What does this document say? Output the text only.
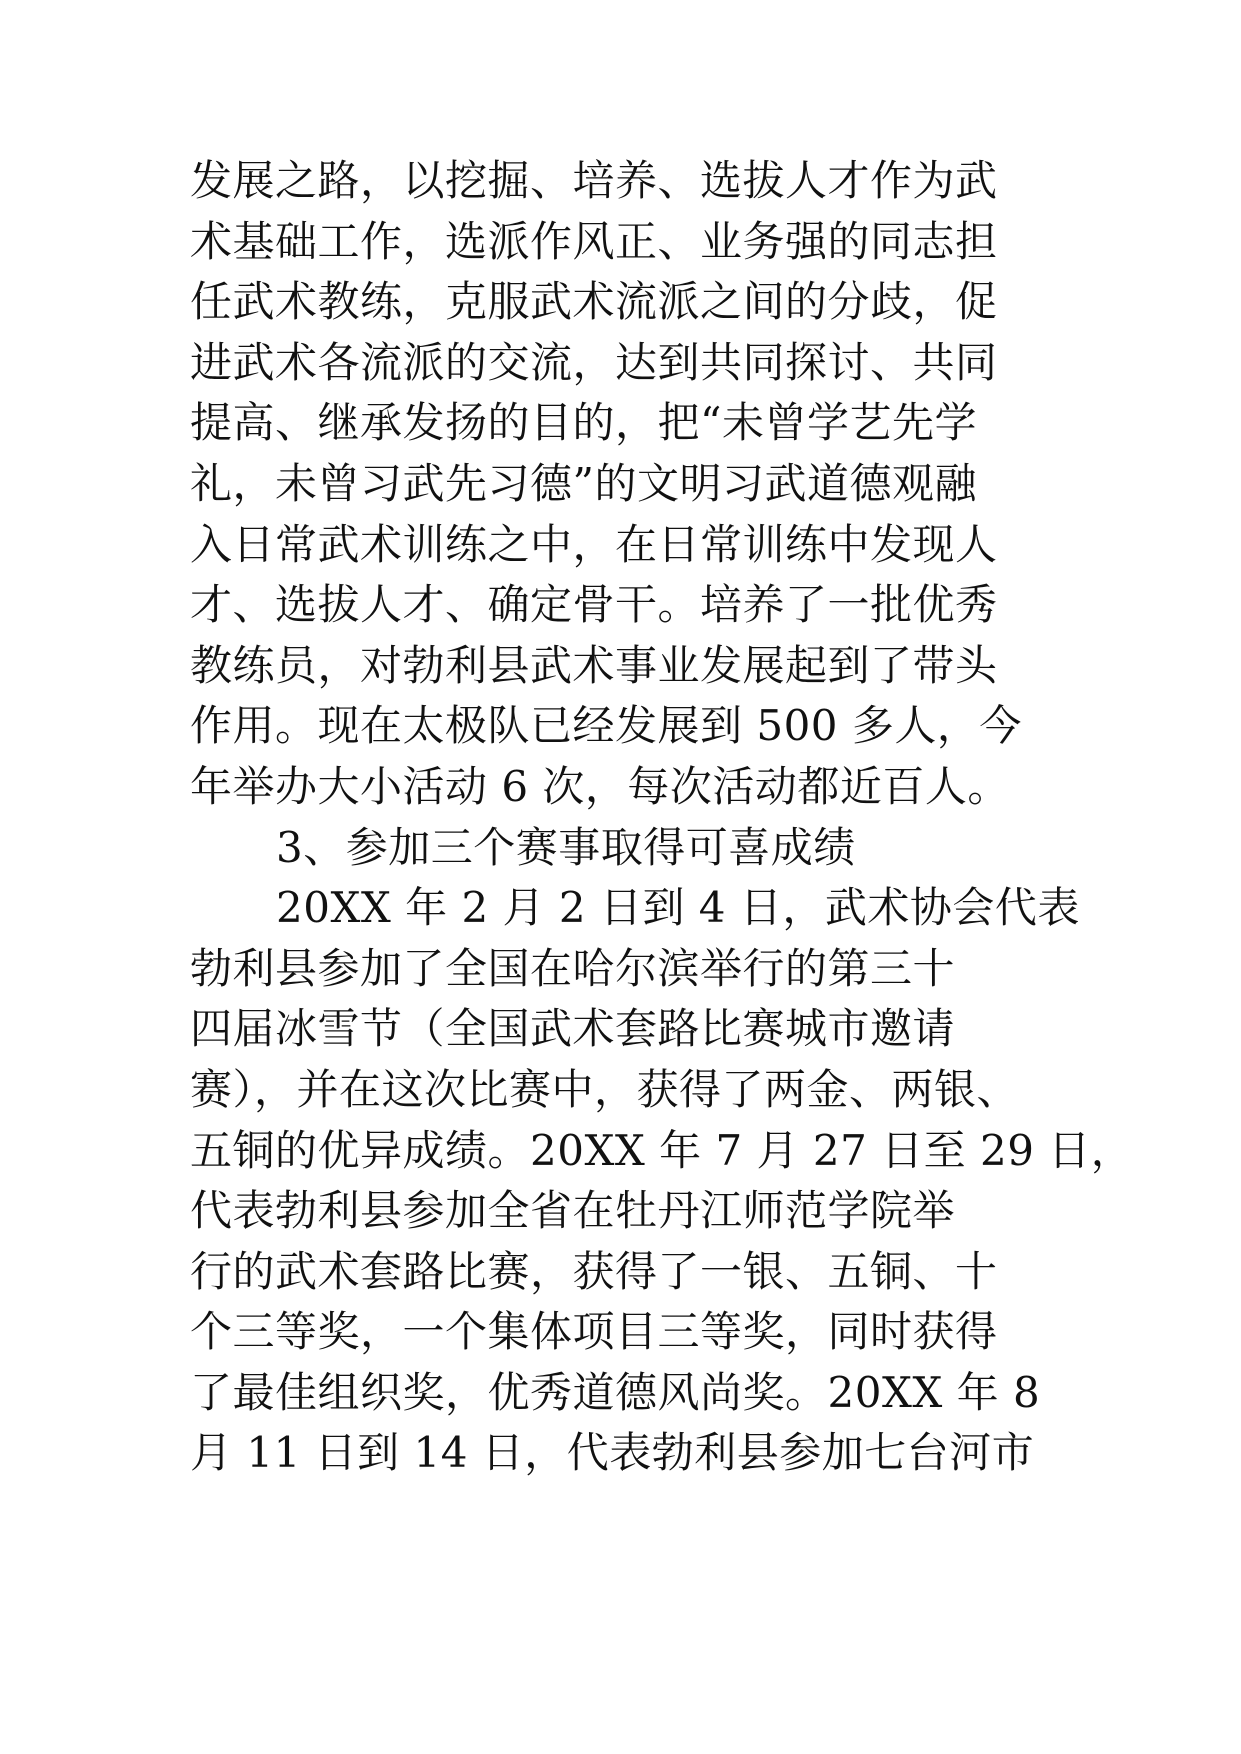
发展之路，以挖掘、培养、选拔人才作为武
术基础工作，选派作风正、业务强的同志担
任武术教练，克服武术流派之间的分歧，促
进武术各流派的交流，达到共同探讨、共同
提高、继承发扬的目的，把“未曾学艺先学
礼，未曾习武先习德”的文明习武道德观融
入日常武术训练之中，在日常训练中发现人
才、选拔人才、确定骨干。培养了一批优秀
教练员，对勃利县武术事业发展起到了带头
作用。现在太极队已经发展到 500 多人，今
年举办大小活动 6 次，每次活动都近百人。
3、参加三个赛事取得可喜成绩
20XX 年 2 月 2 日到 4 日，武术协会代表
勃利县参加了全国在哈尔滨举行的第三十
四届冰雪节（全国武术套路比赛城市邀请
赛），并在这次比赛中，获得了两金、两银、
五铜的优异成绩。20XX 年 7 月 27 日至 29 日，
代表勃利县参加全省在牡丹江师范学院举
行的武术套路比赛，获得了一银、五铜、十
个三等奖，一个集体项目三等奖，同时获得
了最佳组织奖，优秀道德风尚奖。20XX 年 8
月 11 日到 14 日，代表勃利县参加七台河市
